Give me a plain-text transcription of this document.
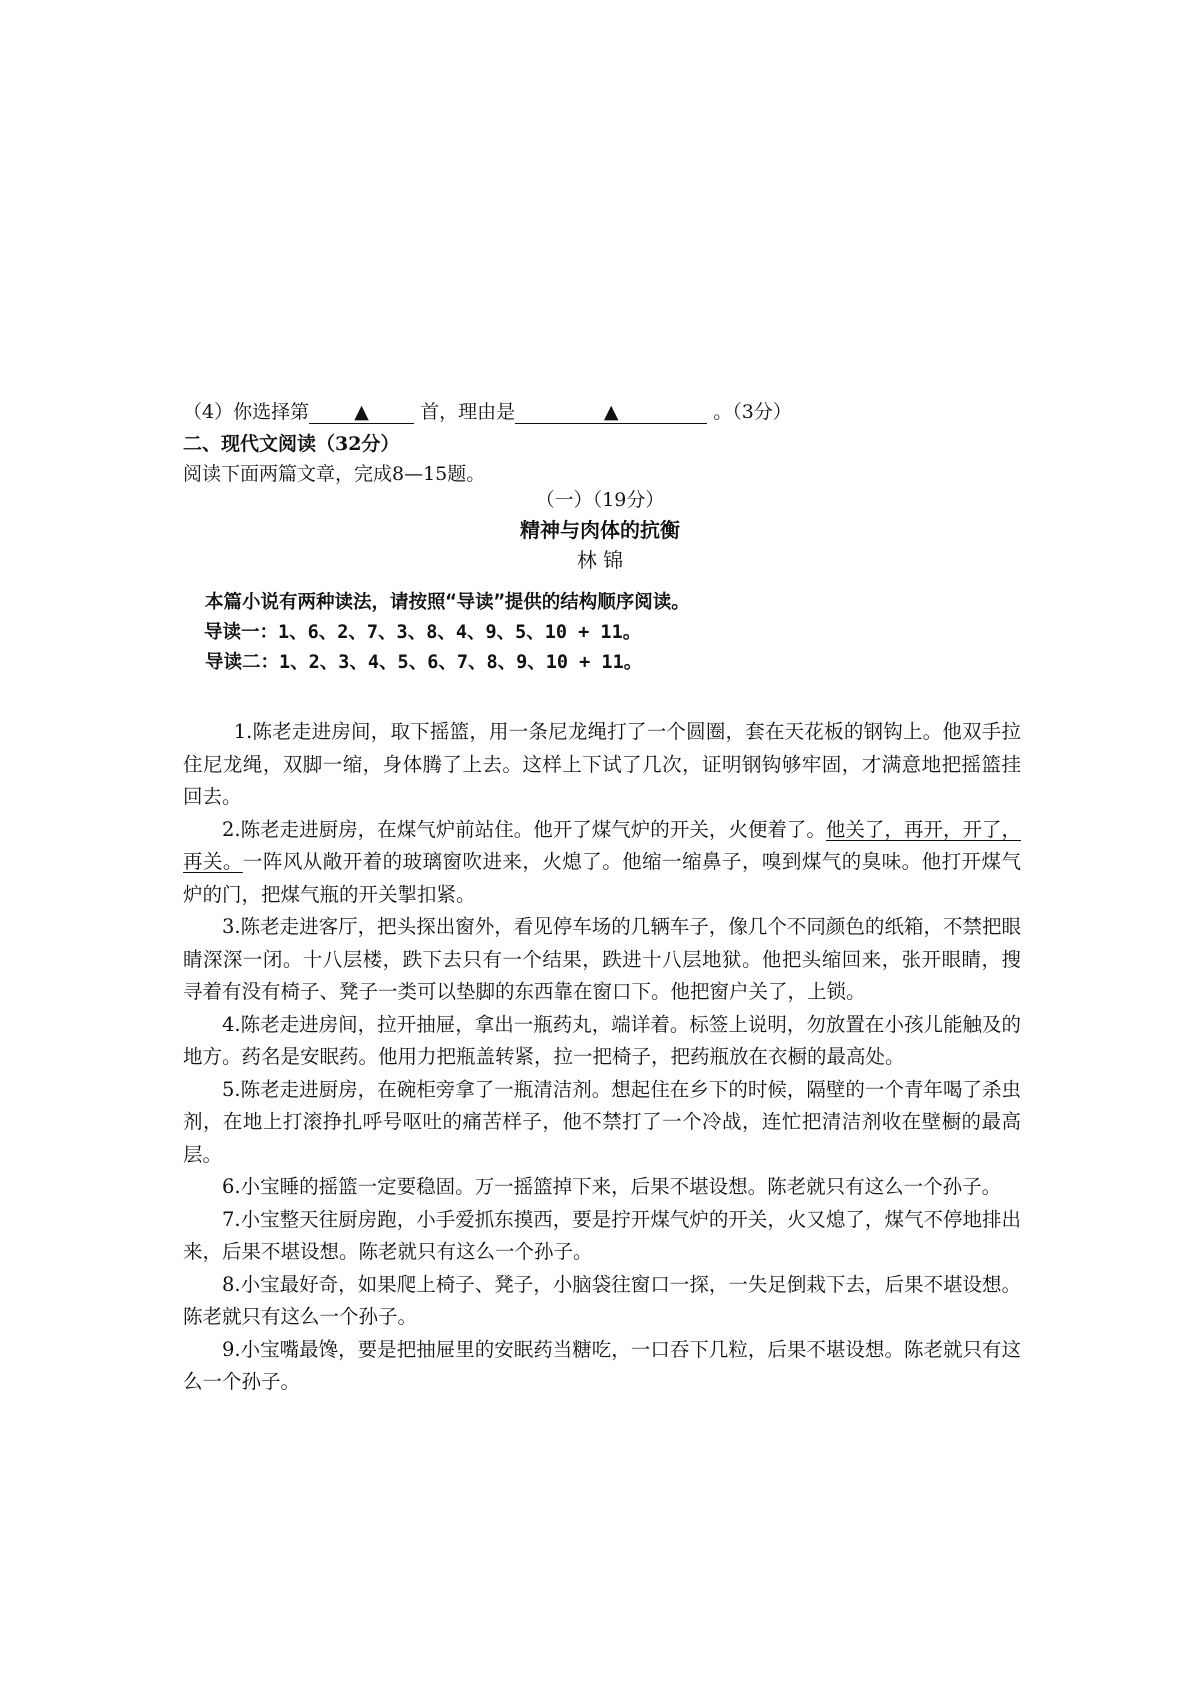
（4）你选择第 ▲	首，理由是	▲	。（3分）
二、现代文阅读（32分）
阅读下面两篇文章，完成8—15题。
（一）（19分）
精神与肉体的抗衡
林 锦
本篇小说有两种读法，请按照“导读”提供的结构顺序阅读。
导读一：1、6、2、7、3、8、4、9、5、10 + 11。
导读二：1、2、3、4、5、6、7、8、9、10 + 11。

1.陈老走进房间，取下摇篮，用一条尼龙绳打了一个圆圈，套在天花板的钢钩上。他双手拉住尼龙绳，双脚一缩，身体腾了上去。这样上下试了几次，证明钢钩够牢固，才满意地把摇篮挂回去。

2.陈老走进厨房，在煤气炉前站住。他开了煤气炉的开关，火便着了。他关了，再开，开了，再关。一阵风从敞开着的玻璃窗吹进来，火熄了。他缩一缩鼻子，嗅到煤气的臭味。他打开煤气炉的门，把煤气瓶的开关掣扣紧。

3.陈老走进客厅，把头探出窗外，看见停车场的几辆车子，像几个不同颜色的纸箱，不禁把眼睛深深一闭。十八层楼，跌下去只有一个结果，跌进十八层地狱。他把头缩回来，张开眼睛，搜寻着有没有椅子、凳子一类可以垫脚的东西靠在窗口下。他把窗户关了，上锁。

4.陈老走进房间，拉开抽屉，拿出一瓶药丸，端详着。标签上说明，勿放置在小孩儿能触及的地方。药名是安眠药。他用力把瓶盖转紧，拉一把椅子，把药瓶放在衣橱的最高处。

5.陈老走进厨房，在碗柜旁拿了一瓶清洁剂。想起住在乡下的时候，隔壁的一个青年喝了杀虫剂，在地上打滚挣扎呼号呕吐的痛苦样子，他不禁打了一个冷战，连忙把清洁剂收在壁橱的最高层。

6.小宝睡的摇篮一定要稳固。万一摇篮掉下来，后果不堪设想。陈老就只有这么一个孙子。

7.小宝整天往厨房跑，小手爱抓东摸西，要是拧开煤气炉的开关，火又熄了，煤气不停地排出来，后果不堪设想。陈老就只有这么一个孙子。

8.小宝最好奇，如果爬上椅子、凳子，小脑袋往窗口一探，一失足倒栽下去，后果不堪设想。陈老就只有这么一个孙子。

9.小宝嘴最馋，要是把抽屉里的安眠药当糖吃，一口吞下几粒，后果不堪设想。陈老就只有这么一个孙子。
